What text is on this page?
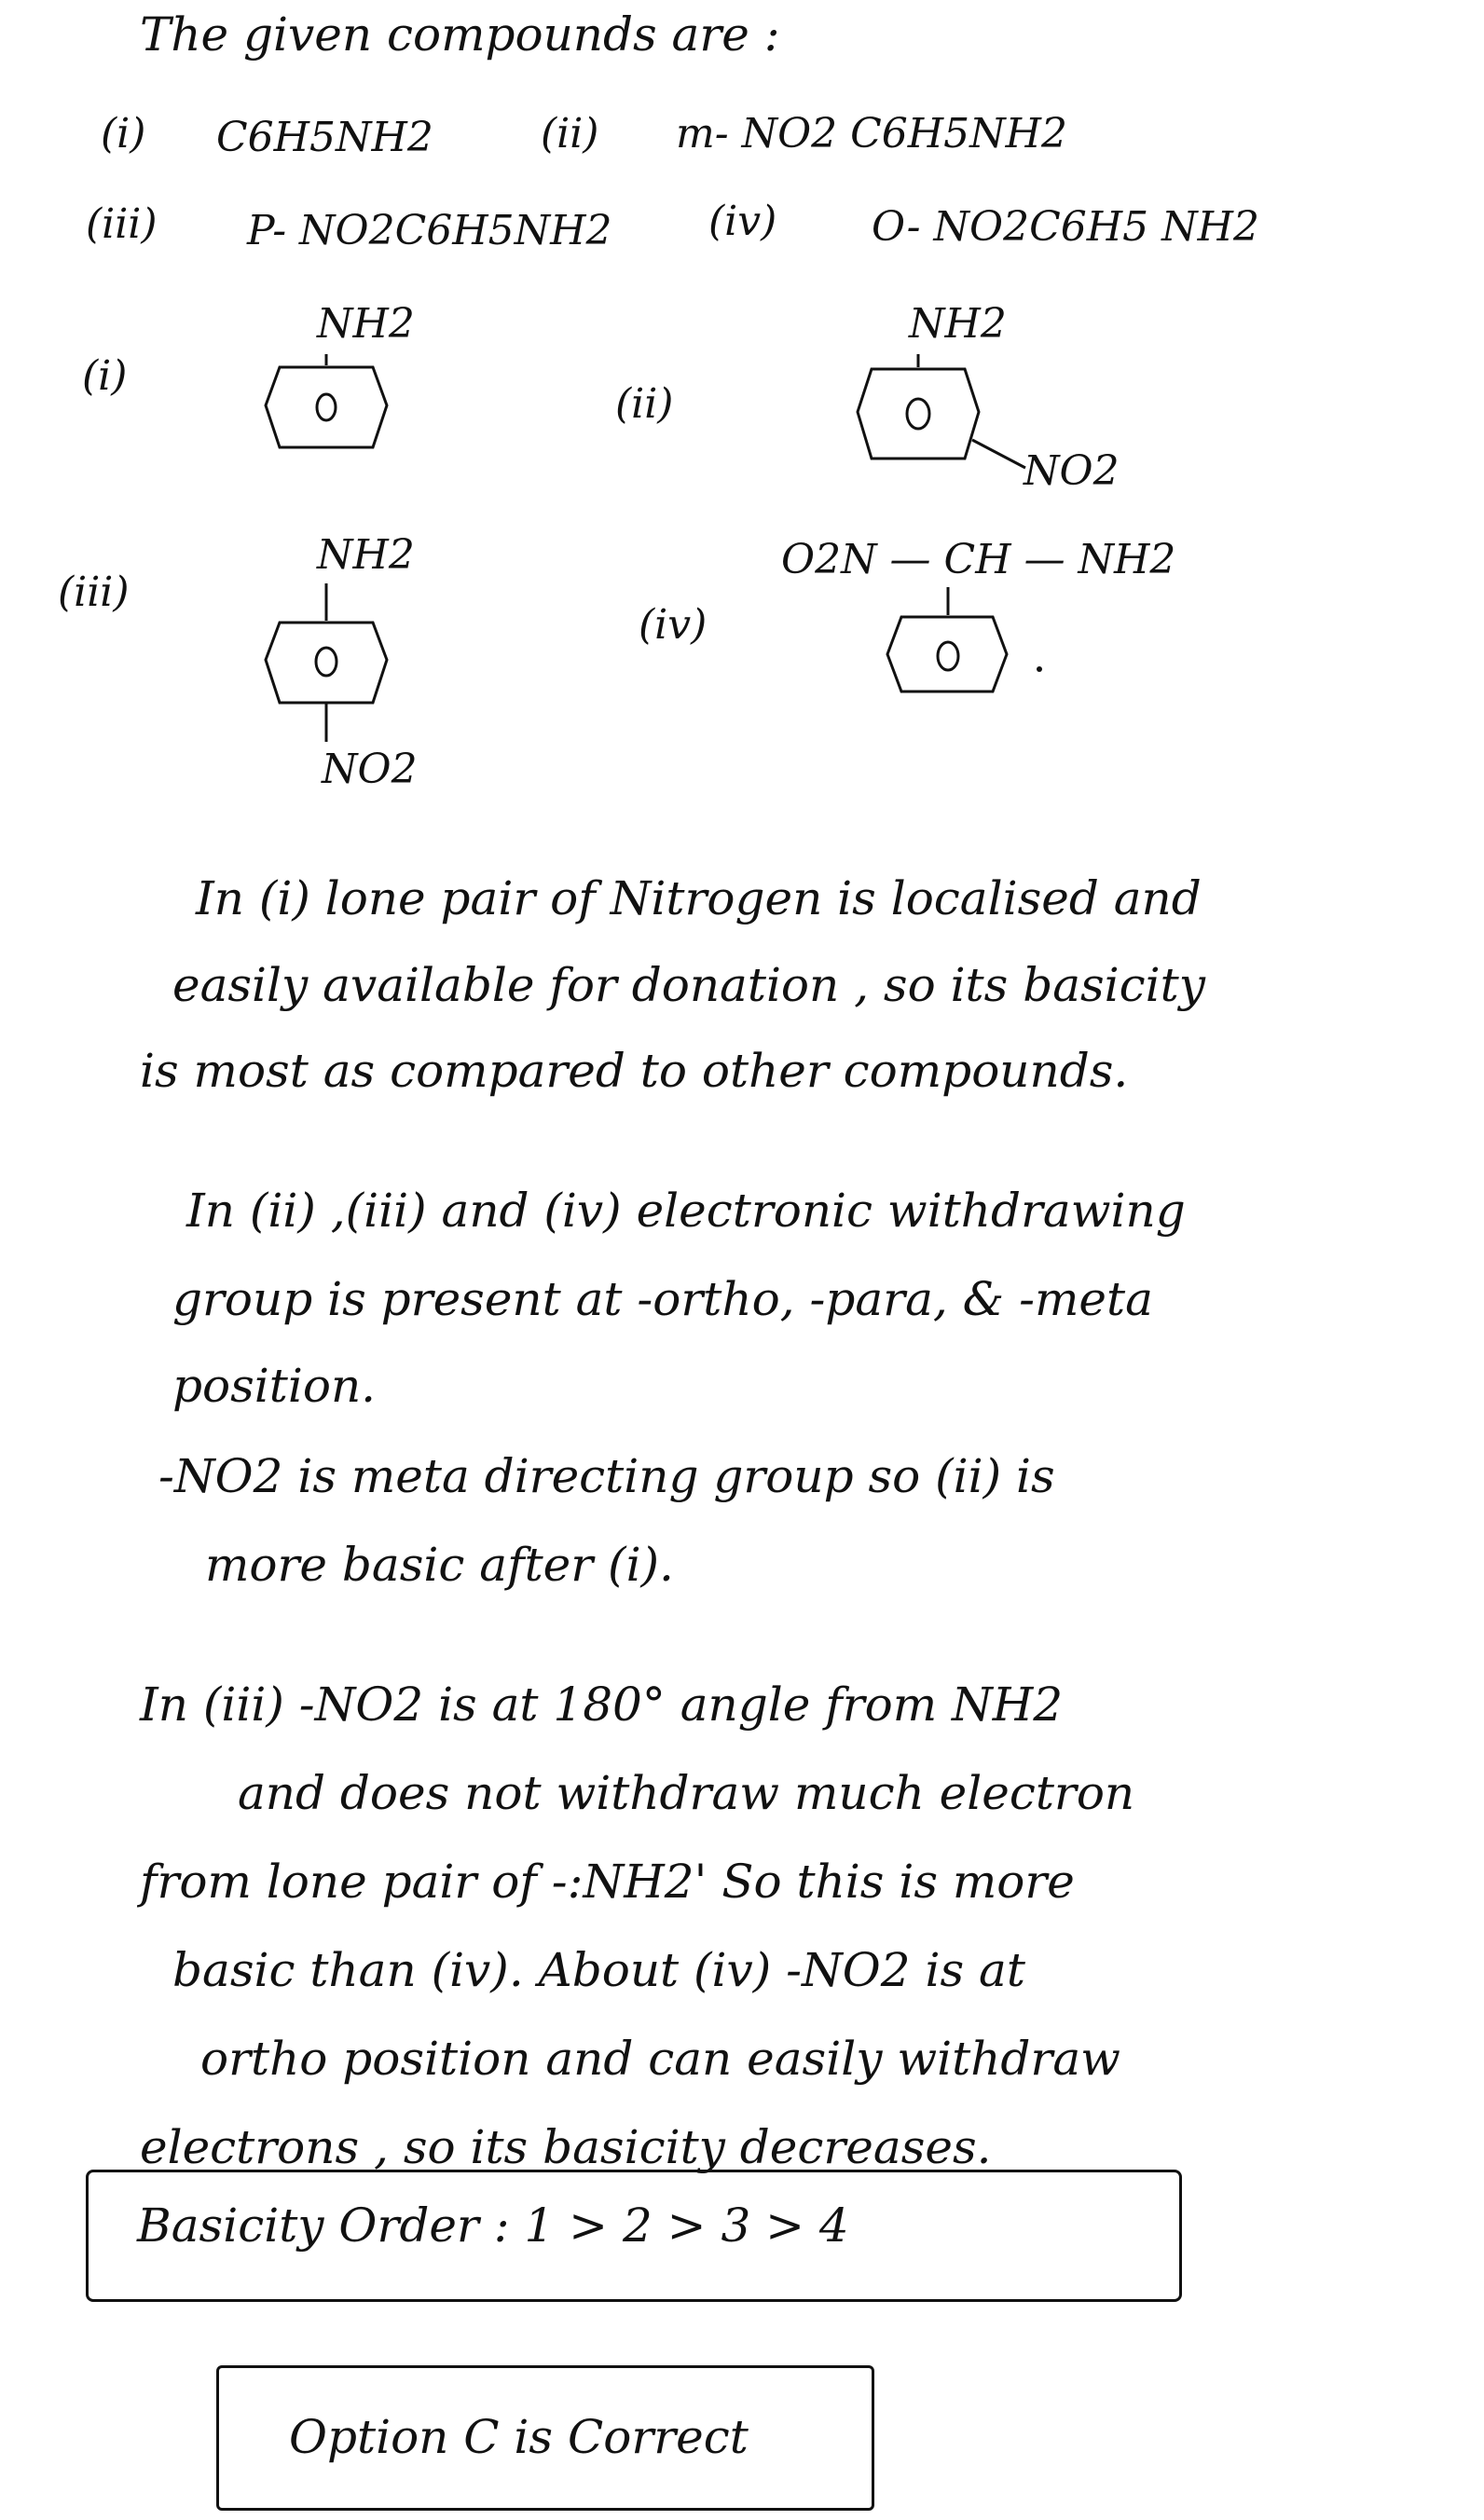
The given compounds are :
(i) C6H5NH2	(ii) m- NO2 C6H5NH2
(iii) P- NO2C6H5NH2 (iv) O- NO2C6H5 NH2
(i)
NH2
(ii)
NH2
NO2
(iii)
NH2
NO2
(iv)
O2N — CH — NH2
In (i) lone pair of Nitrogen is localised and
easily available for donation , so its basicity
is most as compared to other compounds.
In (ii) ,(iii) and (iv) electronic withdrawing
group is present at -ortho, -para, & -meta
position.
-NO2 is meta directing group so (ii) is
more basic after (i).
In (iii) -NO2 is at 180° angle from NH2
and does not withdraw much electron
from lone pair of -:NH2' So this is more
basic than (iv). About (iv) -NO2 is at
ortho position and can easily withdraw
electrons , so its basicity decreases.
Basicity Order : 1 > 2 > 3 > 4
Option C is Correct
